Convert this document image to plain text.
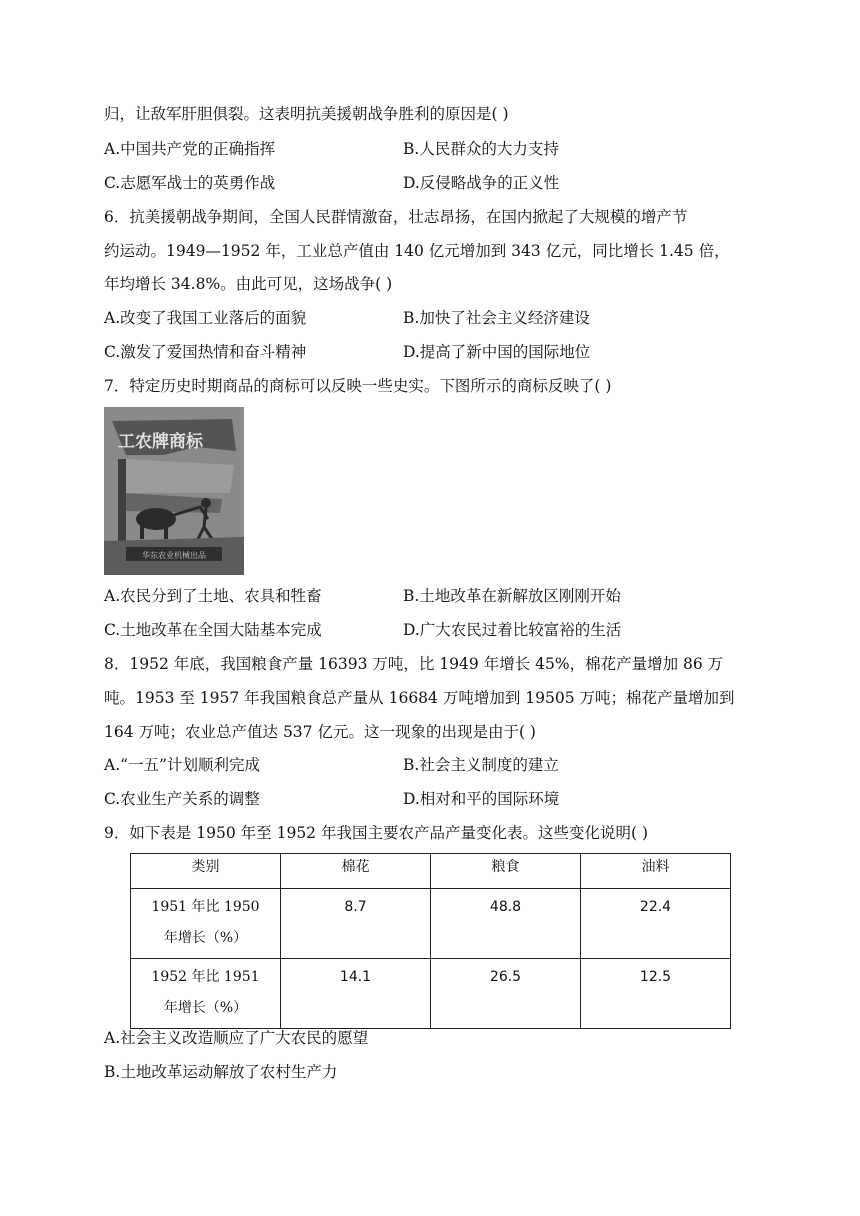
归，让敌军肝胆俱裂。这表明抗美援朝战争胜利的原因是( )
A.中国共产党的正确指挥	B.人民群众的大力支持
C.志愿军战士的英勇作战	D.反侵略战争的正义性
6．抗美援朝战争期间，全国人民群情激奋，壮志昂扬，在国内掀起了大规模的增产节
约运动。1949—1952 年，工业总产值由 140 亿元增加到 343 亿元，同比增长 1.45 倍，
年均增长 34.8%。由此可见，这场战争( )
A.改变了我国工业落后的面貌	B.加快了社会主义经济建设
C.激发了爱国热情和奋斗精神	D.提高了新中国的国际地位
7．特定历史时期商品的商标可以反映一些史实。下图所示的商标反映了( )
工农牌商标
华东农业机械出品
A.农民分到了土地、农具和牲畜	B.土地改革在新解放区刚刚开始
C.土地改革在全国大陆基本完成	D.广大农民过着比较富裕的生活
8．1952 年底，我国粮食产量 16393 万吨，比 1949 年增长 45%，棉花产量增加 86 万
吨。1953 至 1957 年我国粮食总产量从 16684 万吨增加到 19505 万吨；棉花产量增加到
164 万吨；农业总产值达 537 亿元。这一现象的出现是由于( )
A.“一五”计划顺利完成	B.社会主义制度的建立
C.农业生产关系的调整	D.相对和平的国际环境
9．如下表是 1950 年至 1952 年我国主要农产品产量变化表。这些变化说明( )
类别	棉花	粮食	油料

1951 年比 1950
年增长（%）	8.7	48.8	22.4

1952 年比 1951
年增长（%）	14.1	26.5	12.5
A.社会主义改造顺应了广大农民的愿望
B.土地改革运动解放了农村生产力
